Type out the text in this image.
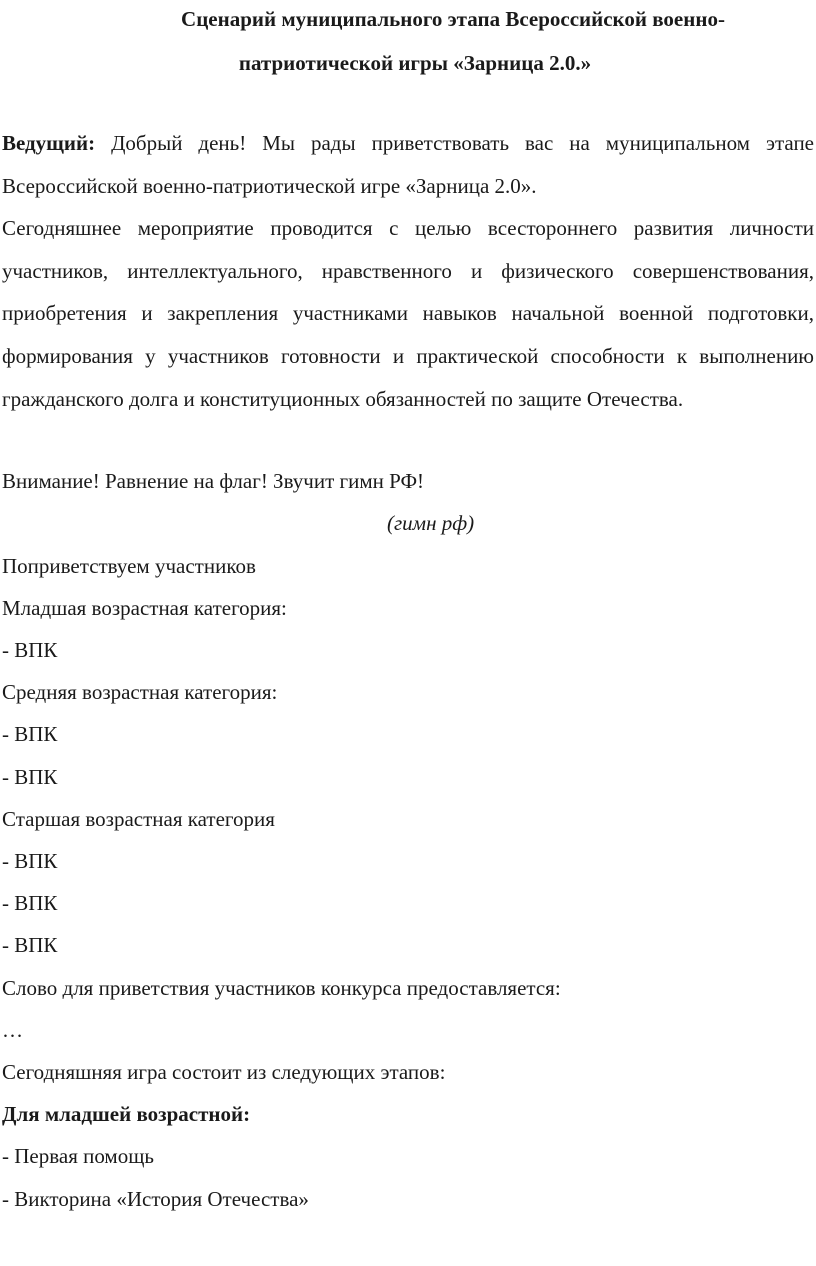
Сценарий муниципального этапа Всероссийской военно-
патриотической игры «Зарница 2.0.»

Ведущий: Добрый день! Мы рады приветствовать вас на муниципальном этапе Всероссийской военно-патриотической игре «Зарница 2.0».

Сегодняшнее мероприятие проводится с целью всестороннего развития личности участников, интеллектуального, нравственного и физического совершенствования, приобретения и закрепления участниками навыков начальной военной подготовки, формирования у участников готовности и практической способности к выполнению гражданского долга и конституционных обязанностей по защите Отечества.

Внимание! Равнение на флаг! Звучит гимн РФ!

(гимн рф)

Поприветствуем участников

Младшая возрастная категория:

- ВПК

Средняя возрастная категория:

- ВПК

- ВПК

Старшая возрастная категория

- ВПК

- ВПК

- ВПК

Слово для приветствия участников конкурса предоставляется:

…

Сегодняшняя игра состоит из следующих этапов:

Для младшей возрастной:

- Первая помощь

- Викторина «История Отечества»
